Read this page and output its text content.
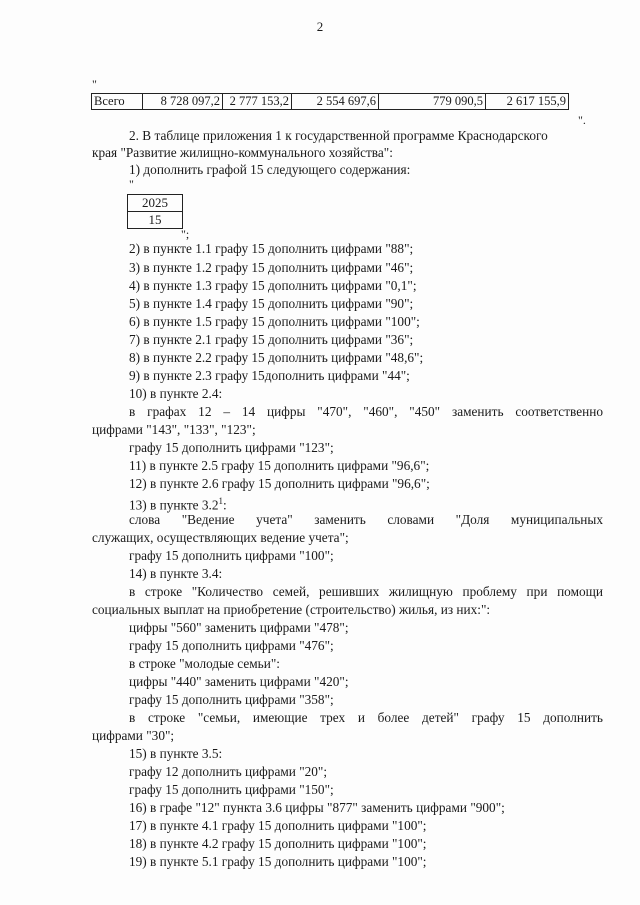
2
"
Всего	8 728 097,2	2 777 153,2	2 554 697,6	779 090,5	2 617 155,9
".
2. В таблице приложения 1 к государственной программе Краснодарского
края "Развитие жилищно-коммунального хозяйства":
1) дополнить графой 15 следующего содержания:
"
2025
15
";
2) в пункте 1.1 графу 15 дополнить цифрами "88";
3) в пункте 1.2 графу 15 дополнить цифрами "46";
4) в пункте 1.3 графу 15 дополнить цифрами "0,1";
5) в пункте 1.4 графу 15 дополнить цифрами "90";
6) в пункте 1.5 графу 15 дополнить цифрами "100";
7) в пункте 2.1 графу 15 дополнить цифрами "36";
8) в пункте 2.2 графу 15 дополнить цифрами "48,6";
9) в пункте 2.3 графу 15дополнить цифрами "44";
10) в пункте 2.4:
в графах 12 – 14 цифры "470", "460", "450" заменить соответственно
цифрами "143", "133", "123";
графу 15 дополнить цифрами "123";
11) в пункте 2.5 графу 15 дополнить цифрами "96,6";
12) в пункте 2.6 графу 15 дополнить цифрами "96,6";
13) в пункте $3.2^1$:
слова "Ведение учета" заменить словами "Доля муниципальных
служащих, осуществляющих ведение учета";
графу 15 дополнить цифрами "100";
14) в пункте 3.4:
в строке "Количество семей, решивших жилищную проблему при помощи
социальных выплат на приобретение (строительство) жилья, из них:":
цифры "560" заменить цифрами "478";
графу 15 дополнить цифрами "476";
в строке "молодые семьи":
цифры "440" заменить цифрами "420";
графу 15 дополнить цифрами "358";
в строке "семьи, имеющие трех и более детей" графу 15 дополнить
цифрами "30";
15) в пункте 3.5:
графу 12 дополнить цифрами "20";
графу 15 дополнить цифрами "150";
16) в графе "12" пункта 3.6 цифры "877" заменить цифрами "900";
17) в пункте 4.1 графу 15 дополнить цифрами "100";
18) в пункте 4.2 графу 15 дополнить цифрами "100";
19) в пункте 5.1 графу 15 дополнить цифрами "100";
